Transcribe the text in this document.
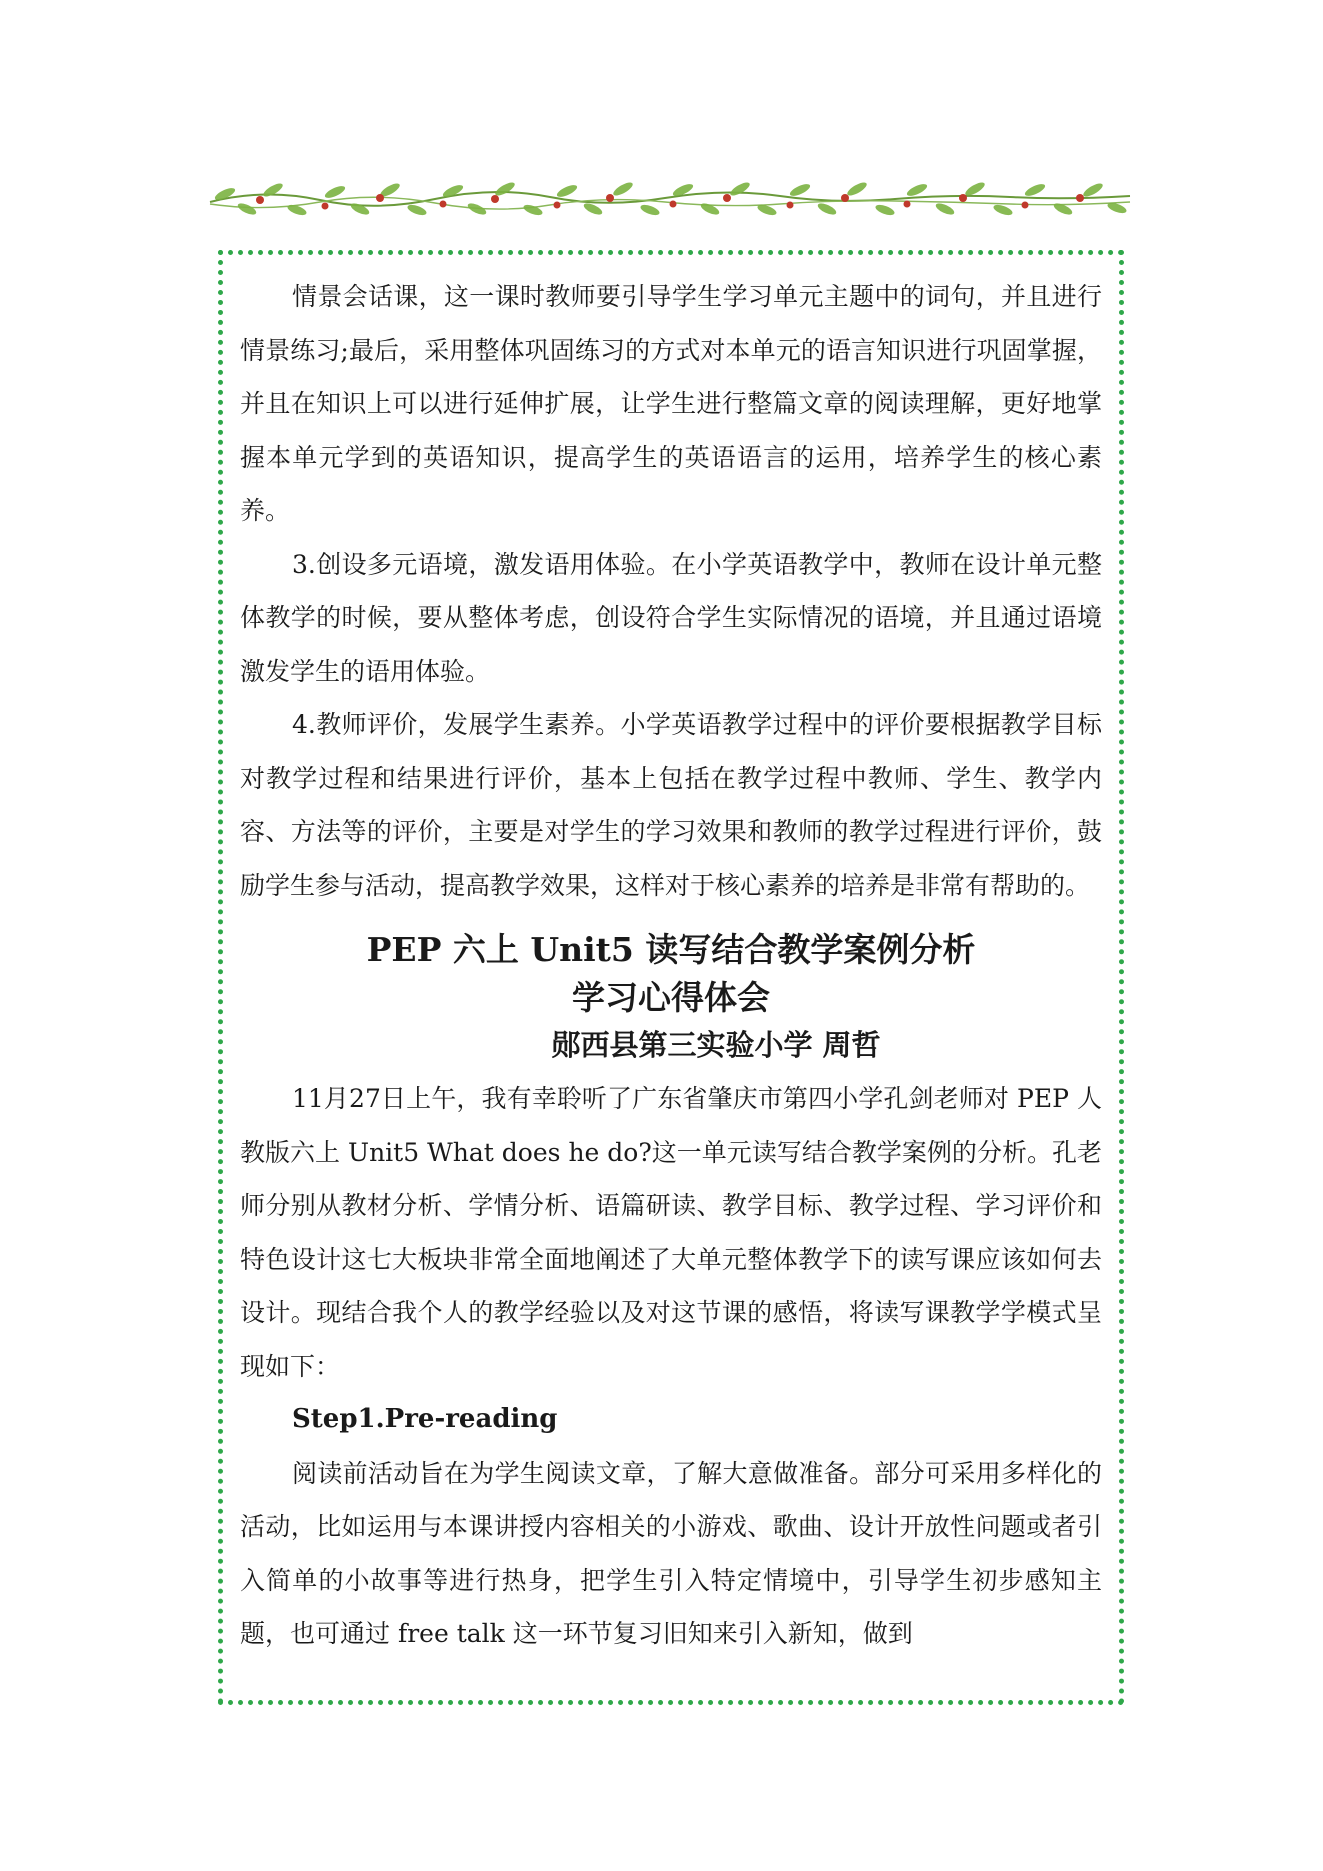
情景会话课，这一课时教师要引导学生学习单元主题中的词句，并且进行情景练习;最后，采用整体巩固练习的方式对本单元的语言知识进行巩固掌握，并且在知识上可以进行延伸扩展，让学生进行整篇文章的阅读理解，更好地掌握本单元学到的英语知识，提高学生的英语语言的运用，培养学生的核心素养。

3.创设多元语境，激发语用体验。在小学英语教学中，教师在设计单元整体教学的时候，要从整体考虑，创设符合学生实际情况的语境，并且通过语境激发学生的语用体验。

4.教师评价，发展学生素养。小学英语教学过程中的评价要根据教学目标对教学过程和结果进行评价，基本上包括在教学过程中教师、学生、教学内容、方法等的评价，主要是对学生的学习效果和教师的教学过程进行评价，鼓励学生参与活动，提高教学效果，这样对于核心素养的培养是非常有帮助的。

PEP 六上 Unit5 读写结合教学案例分析

学习心得体会

郧西县第三实验小学 周哲

11月27日上午，我有幸聆听了广东省肇庆市第四小学孔剑老师对 PEP 人教版六上 Unit5 What does he do?这一单元读写结合教学案例的分析。孔老师分别从教材分析、学情分析、语篇研读、教学目标、教学过程、学习评价和特色设计这七大板块非常全面地阐述了大单元整体教学下的读写课应该如何去设计。现结合我个人的教学经验以及对这节课的感悟，将读写课教学学模式呈现如下：

Step1.Pre-reading

阅读前活动旨在为学生阅读文章，了解大意做准备。部分可采用多样化的活动，比如运用与本课讲授内容相关的小游戏、歌曲、设计开放性问题或者引入简单的小故事等进行热身，把学生引入特定情境中，引导学生初步感知主题，也可通过 free talk 这一环节复习旧知来引入新知，做到
